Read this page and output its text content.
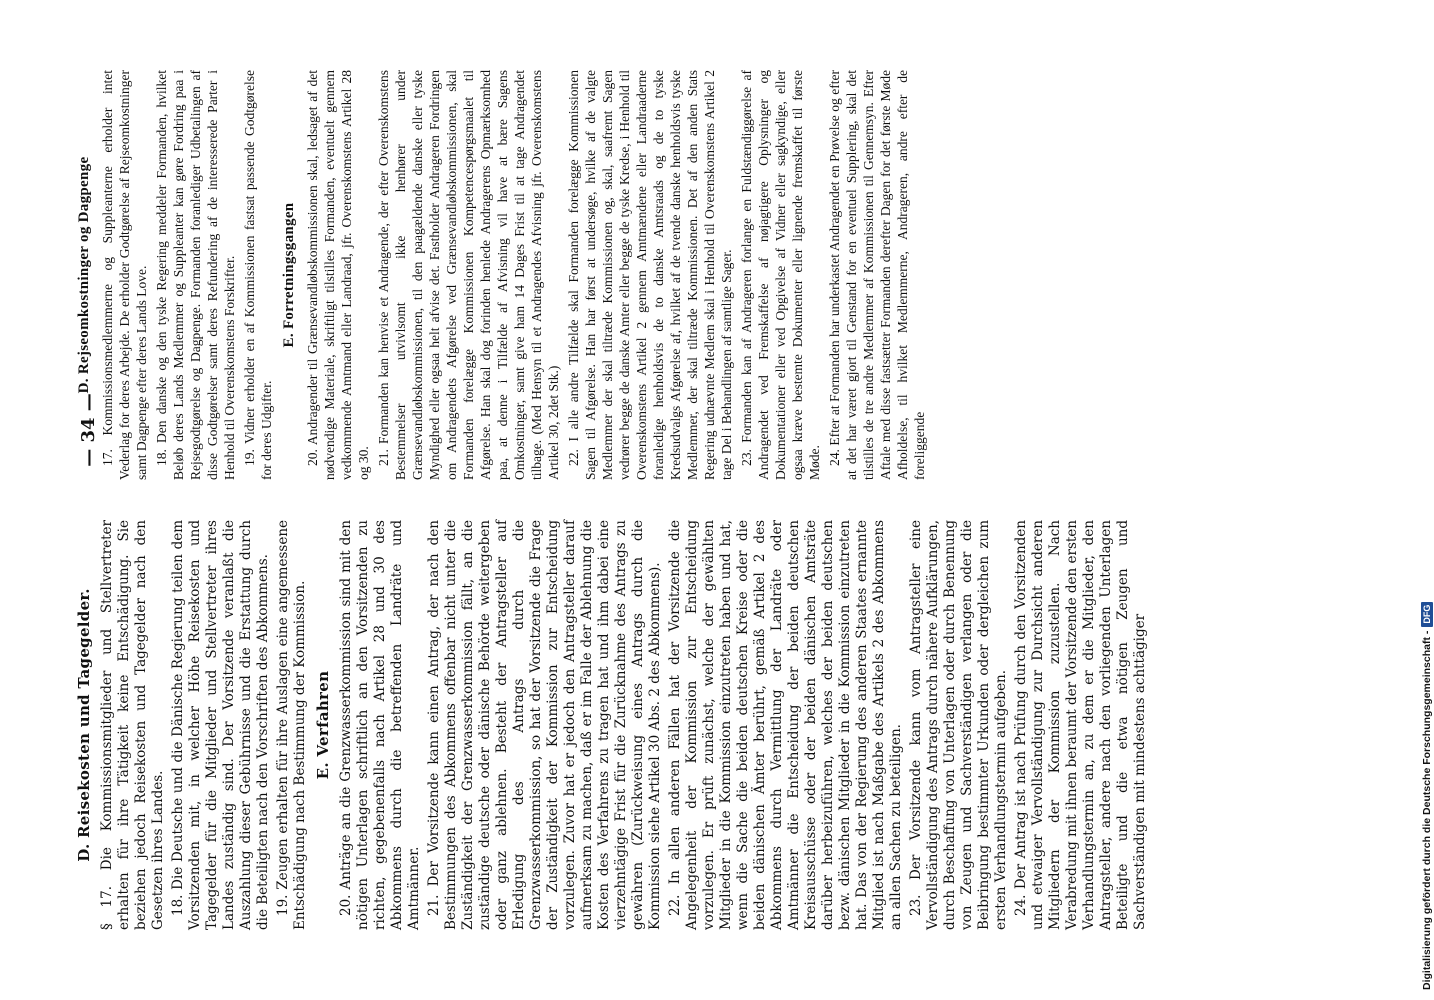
— 34 —
D. Reisekosten und Tagegelder. § 17. Die Kommissionsmitglieder und Stellvertreter erhalten für ihre Tätigkeit keine Entschädigung. Sie beziehen jedoch Reisekosten und Tagegelder nach den Gesetzen ihres Landes. 18. Die Deutsche und die Dänische Regierung teilen dem Vorsitzenden mit, in welcher Höhe Reisekosten und Tagegelder für die Mitglieder und Stellvertreter ihres Landes zuständig sind. Der Vorsitzende veranlaßt die Auszahlung dieser Gebührnisse und die Erstattung durch die Beteiligten nach den Vorschriften des Abkommens. 19. Zeugen erhalten für ihre Auslagen eine angemessene Entschädigung nach Bestimmung der Kommission. E. Verfahren 20. Anträge an die Grenzwasserkommission sind mit den nötigen Unterlagen schriftlich an den Vorsitzenden zu richten, gegebenenfalls nach Artikel 28 und 30 des Abkommens durch die betreffenden Landräte und Amtmänner. 21. Der Vorsitzende kann einen Antrag, der nach den Bestimmungen des Abkommens offenbar nicht unter die Zuständigkeit der Grenzwasserkommission fällt, an die zuständige deutsche oder dänische Behörde weitergeben oder ganz ablehnen. Besteht der Antragsteller auf Erledigung des Antrags durch die Grenzwasserkommission, so hat der Vorsitzende die Frage der Zuständigkeit der Kommission zur Entscheidung vorzulegen. Zuvor hat er jedoch den Antragsteller darauf aufmerksam zu machen, daß er im Falle der Ablehnung die Kosten des Verfahrens zu tragen hat und ihm dabei eine vierzehntägige Frist für die Zurücknahme des Antrags zu gewähren (Zurückweisung eines Antrags durch die Kommission siehe Artikel 30 Abs. 2 des Abkommens). 22. In allen anderen Fällen hat der Vorsitzende die Angelegenheit der Kommission zur Entscheidung vorzulegen. Er prüft zunächst, welche der gewählten Mitglieder in die Kommission einzutreten haben und hat, wenn die Sache die beiden deutschen Kreise oder die beiden dänischen Ämter berührt, gemäß Artikel 2 des Abkommens durch Vermittlung der Landräte oder Amtmänner die Entscheidung der beiden deutschen Kreisausschüsse oder der beiden dänischen Amtsräte darüber herbeizuführen, welches der beiden deutschen bezw. dänischen Mitglieder in die Kommission einzutreten hat. Das von der Regierung des anderen Staates ernannte Mitglied ist nach Maßgabe des Artikels 2 des Abkommens an allen Sachen zu beteiligen. 23. Der Vorsitzende kann vom Antragsteller eine Vervollständigung des Antrags durch nähere Aufklärungen, durch Beschaffung von Unterlagen oder durch Benennung von Zeugen und Sachverständigen verlangen oder die Beibringung bestimmter Urkunden oder dergleichen zum ersten Verhandlungstermin aufgeben. 24. Der Antrag ist nach Prüfung durch den Vorsitzenden und etwaiger Vervollständigung zur Durchsicht anderen Mitgliedern der Kommission zuzustellen. Nach Verabredung mit ihnen beraumt der Vorsitzende den ersten Verhandlungstermin an, zu dem er die Mitglieder, den Antragsteller, andere nach den vorliegenden Unterlagen Beteiligte und die etwa nötigen Zeugen und Sachverständigen mit mindestens achttägiger

D. Rejseomkostninger og Dagpenge 17. Kommissionsmedlemmerne og Suppleanterne erholder intet Vederlag for deres Arbejde. De erholder Godtgørelse af Rejseomkostninger samt Dagpenge efter deres Lands Love. 18. Den danske og den tyske Regering meddeler Formanden, hvilket Beløb deres Lands Medlemmer og Suppleanter kan gøre Fordring paa i Rejsegodtgørelse og Dagpenge. Formanden foranlediger Udbetalingen af disse Godtgørelser samt deres Refundering af de interesserede Parter i Henhold til Overenskomstens Forskrifter. 19. Vidner erholder en af Kommissionen fastsat passende Godtgørelse for deres Udgifter.

E. Forretningsgangen 20. Andragender til Grænsevandløbskommissionen skal, ledsaget af det nødvendige Materiale, skriftligt tilstilles Formanden, eventuelt gennem vedkommende Amtmand eller Landraad, jfr. Overenskomstens Artikel 28 og 30. 21. Formanden kan henvise et Andragende, der efter Overenskomstens Bestemmelser utvivlsomt ikke henhører under Grænsevandløbskommissionen, til den paagældende danske eller tyske Myndighed eller ogsaa helt afvise det. Fastholder Andrageren Fordringen om Andragendets Afgørelse ved Grænsevandløbskommissionen, skal Formanden forelægge Kommissionen Kompetencespørgsmaalet til Afgørelse. Han skal dog forinden henlede Andragerens Opmærksomhed paa, at denne i Tilfælde af Afvisning vil have at bære Sagens Omkostninger, samt give ham 14 Dages Frist til at tage Andragendet tilbage. (Med Hensyn til et Andragendes Afvisning jfr. Overenskomstens Artikel 30, 2det Stk.) 22. I alle andre Tilfælde skal Formanden forelægge Kommissionen Sagen til Afgørelse. Han har først at undersøge, hvilke af de valgte Medlemmer der skal tiltræde Kommissionen og, skal, saafremt Sagen vedrører begge de danske Amter eller begge de tyske Kredse, i Henhold til Overenskomstens Artikel 2 gennem Amtmændene eller Landraaderne foranledige henholdsvis de to danske Amtsraads og de to tyske Kredsudvalgs Afgørelse af, hvilket af de tvende danske henholdsvis tyske Medlemmer, der skal tiltræde Kommissionen. Det af den anden Stats Regering udnævnte Medlem skal i Henhold til Overenskomstens Artikel 2 tage Del i Behandlingen af samtlige Sager. 23. Formanden kan af Andrageren forlange en Fuldstændiggørelse af Andragendet ved Fremskaffelse af nøjagtigere Oplysninger og Dokumentationer eller ved Opgivelse af Vidner eller sagkyndige, eller ogsaa kræve bestemte Dokumenter eller lignende fremskaffet til første Møde. 24. Efter at Formanden har underkastet Andragendet en Prøvelse og efter at det har været gjort til Genstand for en eventuel Supplering, skal det tilstilles de tre andre Medlemmer af Kommissionen til Gennemsyn. Efter Aftale med disse fastsætter Formanden derefter Dagen for det første Møde Afholdelse, til hvilket Medlemmerne, Andrageren, andre efter de foreliggende

Digitalisierung gefördert durch die Deutsche Forschungsgemeinschaft -
DFG
